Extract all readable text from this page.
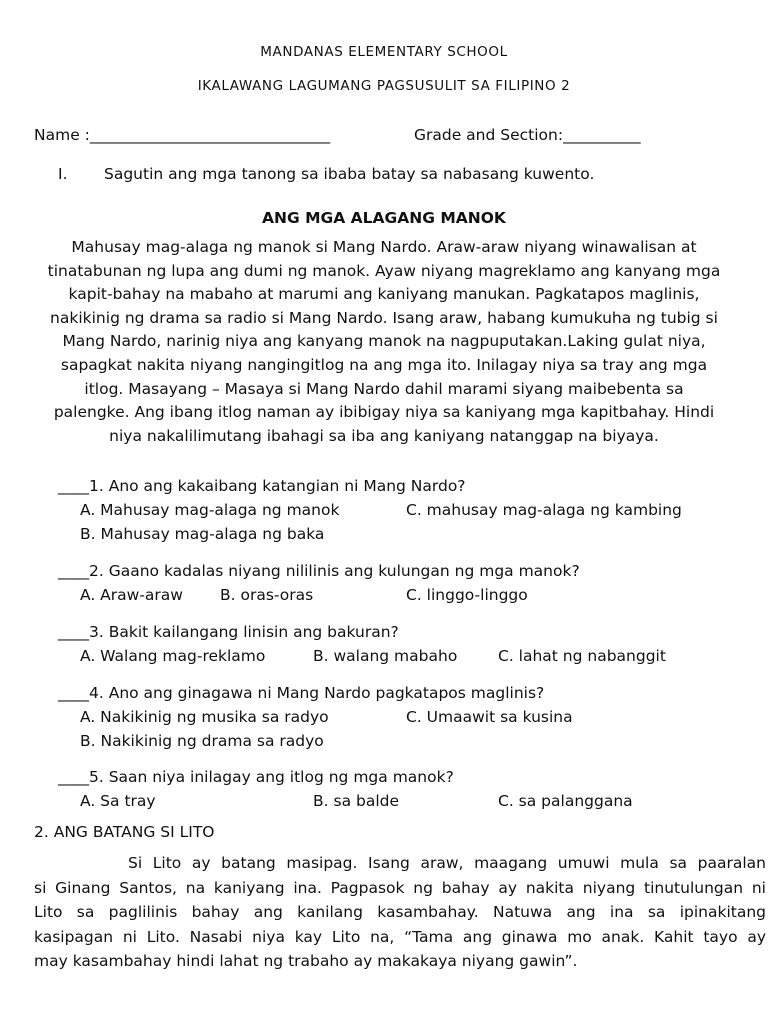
MANDANAS ELEMENTARY SCHOOL
IKALAWANG LAGUMANG PAGSUSULIT SA FILIPINO 2
Name :_______________________________	Grade and Section:__________
I. Sagutin ang mga tanong sa ibaba batay sa nabasang kuwento.
ANG MGA ALAGANG MANOK
Mahusay mag-alaga ng manok si Mang Nardo. Araw-araw niyang winawalisan at
tinatabunan ng lupa ang dumi ng manok. Ayaw niyang magreklamo ang kanyang mga
kapit-bahay na mabaho at marumi ang kaniyang manukan. Pagkatapos maglinis,
nakikinig ng drama sa radio si Mang Nardo. Isang araw, habang kumukuha ng tubig si
Mang Nardo, narinig niya ang kanyang manok na nagpuputakan.Laking gulat niya,
sapagkat nakita niyang nangingitlog na ang mga ito. Inilagay niya sa tray ang mga
itlog. Masayang – Masaya si Mang Nardo dahil marami siyang maibebenta sa
palengke. Ang ibang itlog naman ay ibibigay niya sa kaniyang mga kapitbahay. Hindi
niya nakalilimutang ibahagi sa iba ang kaniyang natanggap na biyaya.
____1. Ano ang kakaibang katangian ni Mang Nardo?
A. Mahusay mag-alaga ng manok	C. mahusay mag-alaga ng kambing
B. Mahusay mag-alaga ng baka
____2. Gaano kadalas niyang nililinis ang kulungan ng mga manok?
A. Araw-araw B. oras-oras	C. linggo-linggo
____3. Bakit kailangang linisin ang bakuran?
A. Walang mag-reklamo	B. walang mabaho	C. lahat ng nabanggit
____4. Ano ang ginagawa ni Mang Nardo pagkatapos maglinis?
A. Nakikinig ng musika sa radyo	C. Umaawit sa kusina
B. Nakikinig ng drama sa radyo
____5. Saan niya inilagay ang itlog ng mga manok?
A. Sa tray	B. sa balde	C. sa palanggana
2. ANG BATANG SI LITO
Si Lito ay batang masipag. Isang araw, maagang umuwi mula sa paaralan
si Ginang Santos, na kaniyang ina. Pagpasok ng bahay ay nakita niyang tinutulungan ni
Lito sa paglilinis bahay ang kanilang kasambahay. Natuwa ang ina sa ipinakitang
kasipagan ni Lito. Nasabi niya kay Lito na, “Tama ang ginawa mo anak. Kahit tayo ay
may kasambahay hindi lahat ng trabaho ay makakaya niyang gawin”.
